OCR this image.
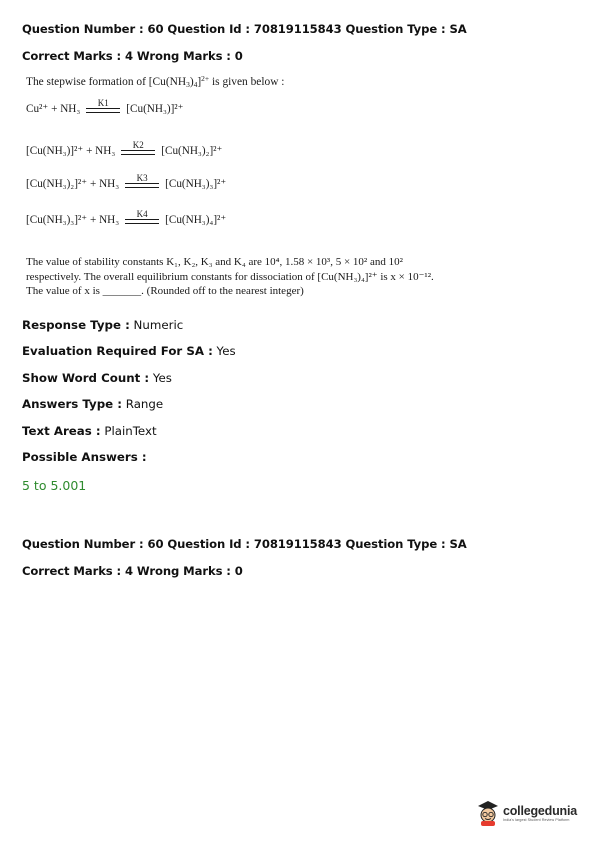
Question Number : 60 Question Id : 70819115843 Question Type : SA
Correct Marks : 4 Wrong Marks : 0
The stepwise formation of $[Cu(NH_3)_4]^{2+}$ is given below :
Cu²⁺ + NH₃ K1 [Cu(NH₃)]²⁺
[Cu(NH₃)]²⁺ + NH₃ K2 [Cu(NH₃)₂]²⁺
[Cu(NH₃)₂]²⁺ + NH₃ K3 [Cu(NH₃)₃]²⁺
[Cu(NH₃)₃]²⁺ + NH₃ K4 [Cu(NH₃)₄]²⁺
The value of stability constants K₁, K₂, K₃ and K₄ are 10⁴, 1.58 × 10³, 5 × 10² and 10²
respectively. The overall equilibrium constants for dissociation of [Cu(NH₃)₄]²⁺ is x × 10⁻¹².
The value of x is _______. (Rounded off to the nearest integer)
Response Type : Numeric
Evaluation Required For SA : Yes
Show Word Count : Yes
Answers Type : Range
Text Areas : PlainText
Possible Answers :
5 to 5.001
Question Number : 60 Question Id : 70819115843 Question Type : SA
Correct Marks : 4 Wrong Marks : 0
collegedunia
India's largest Student Review Platform
